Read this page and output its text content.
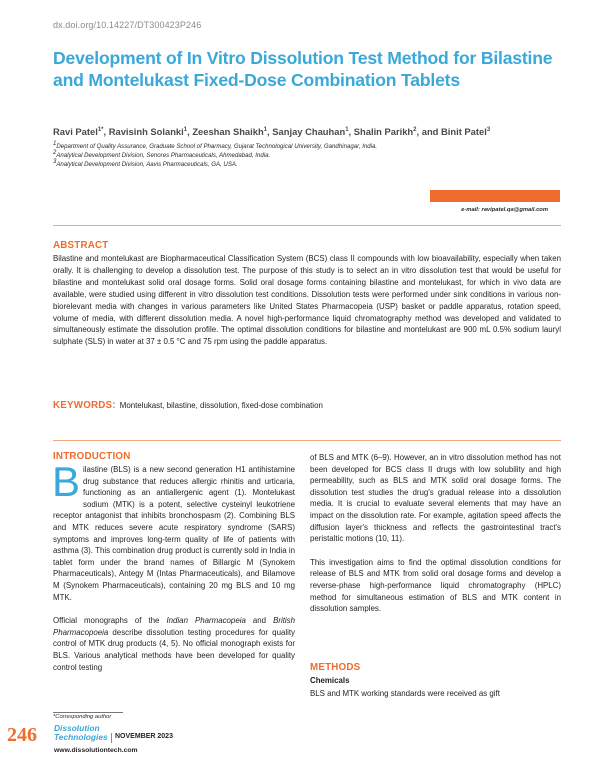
dx.doi.org/10.14227/DT300423P246
Development of In Vitro Dissolution Test Method for Bilastine and Montelukast Fixed-Dose Combination Tablets
Ravi Patel$^{1*}$, Ravisinh Solanki$^1$, Zeeshan Shaikh$^1$, Sanjay Chauhan$^1$, Shalin Parikh$^2$, and Binit Patel$^3$
$^1$Department of Quality Assurance, Graduate School of Pharmacy, Gujarat Technological University, Gandhinagar, India.
$^2$Analytical Development Division, Senores Pharmaceuticals, Ahmedabad, India.
$^3$Analytical Development Division, Aavis Pharmaceuticals, GA, USA.
e-mail: ravipatel.qa@gmail.com
ABSTRACT

Bilastine and montelukast are Biopharmaceutical Classification System (BCS) class II compounds with low bioavailability, especially when taken orally. It is challenging to develop a dissolution test. The purpose of this study is to select an in vitro dissolution test that would be useful for bilastine and montelukast solid oral dosage forms. Solid oral dosage forms containing bilastine and montelukast, for which in vivo data are available, were studied using different in vitro dissolution test conditions. Dissolution tests were performed under sink conditions in various non-biorelevant media with changes in various parameters like United States Pharmacopeia (USP) basket or paddle apparatus, rotation speed, volume of media, with different dissolution media. A novel high-performance liquid chromatography method was developed and validated to simultaneously estimate the dissolution profile. The optimal dissolution conditions for bilastine and montelukast are 900 mL 0.5% sodium lauryl sulphate (SLS) in water at 37 ± 0.5 °C and 75 rpm using the paddle apparatus.

KEYWORDS: Montelukast, bilastine, dissolution, fixed-dose combination
INTRODUCTION

Bilastine (BLS) is a new second generation H1 antihistamine drug substance that reduces allergic rhinitis and urticaria, functioning as an antiallergenic agent (1). Montelukast sodium (MTK) is a potent, selective cysteinyl leukotriene receptor antagonist that inhibits bronchospasm (2). Combining BLS and MTK reduces severe acute respiratory syndrome (SARS) symptoms and improves long-term quality of life of patients with asthma (3). This combination drug product is currently sold in India in tablet form under the brand names of Billargic M (Synokem Pharmaceuticals), Antegy M (Intas Pharmaceuticals), and Bilamove M (Synokem Pharmaceuticals), containing 20 mg BLS and 10 mg MTK.

Official monographs of the Indian Pharmacopeia and British Pharmacopoeia describe dissolution testing procedures for quality control of MTK drug products (4, 5). No official monograph exists for BLS. Various analytical methods have been developed for quality control testing

of BLS and MTK (6–9). However, an in vitro dissolution method has not been developed for BCS class II drugs with low solubility and high permeability, such as BLS and MTK solid oral dosage forms. The dissolution test studies the drug's gradual release into a dissolution media. It is crucial to evaluate several elements that may have an impact on the dissolution rate. For example, agitation speed affects the diffusion layer's thickness and reflects the gastrointestinal tract's peristaltic motions (10, 11).

This investigation aims to find the optimal dissolution conditions for release of BLS and MTK from solid oral dosage forms and develop a reverse-phase high-performance liquid chromatography (HPLC) method for simultaneous estimation of BLS and MTK content in dissolution samples.

METHODS
Chemicals

BLS and MTK working standards were received as gift

*Corresponding author
246 Dissolution
Technologies NOVEMBER 2023
www.dissolutiontech.com
